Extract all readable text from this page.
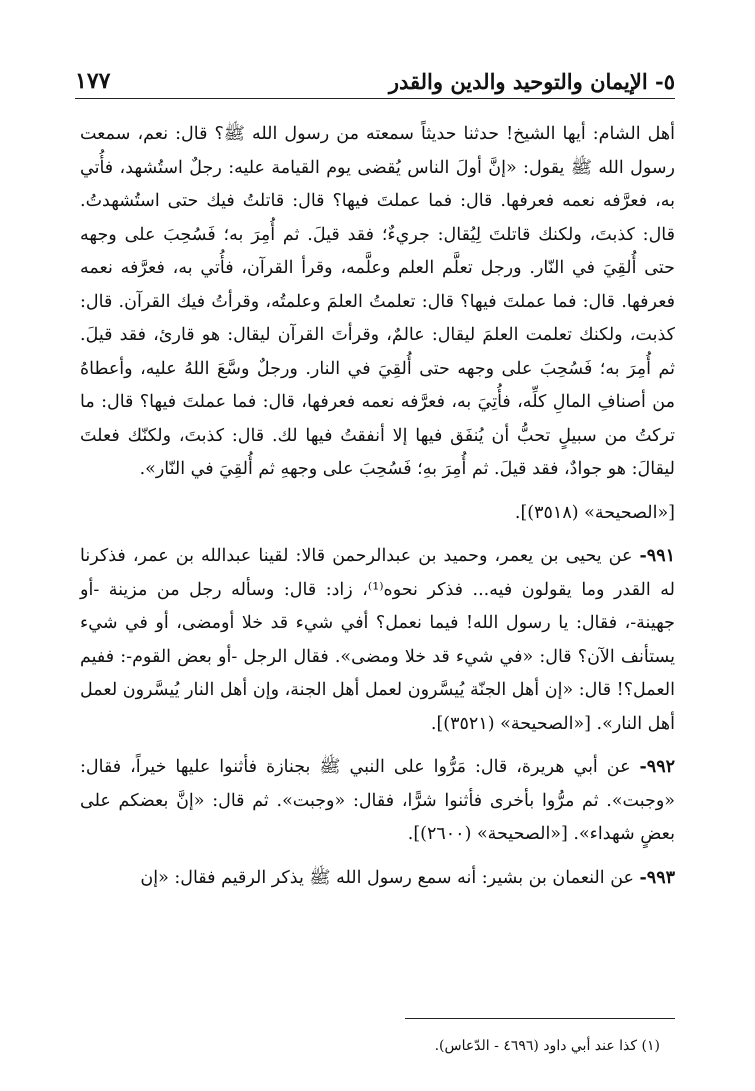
٥- الإيمان والتوحيد والدين والقدر
١٧٧

أهل الشام: أيها الشيخ! حدثنا حديثاً سمعته من رسول الله ﷺ؟ قال: نعم، سمعت رسول الله ﷺ يقول: «إنَّ أولَ الناس يُقضى يوم القيامة عليه: رجلٌ استُشهد، فأُتي به، فعرَّفه نعمه فعرفها. قال: فما عملتَ فيها؟ قال: قاتلتُ فيك حتى استُشهدتُ. قال: كذبتَ، ولكنك قاتلتَ لِيُقال: جريءٌ؛ فقد قيلَ. ثم أُمِرَ به؛ فَسُحِبَ على وجهه حتى أُلقِيَ في النّار. ورجل تعلَّم العلم وعلَّمه، وقرأ القرآن، فأُتي به، فعرَّفه نعمه فعرفها. قال: فما عملتَ فيها؟ قال: تعلمتُ العلمَ وعلمتُه، وقرأتُ فيك القرآن. قال: كذبت، ولكنك تعلمت العلمَ ليقال: عالمٌ، وقرأتَ القرآن ليقال: هو قارئ، فقد قيلَ. ثم أُمِرَ به؛ فَسُحِبَ على وجهه حتى أُلقِيَ في النار. ورجلٌ وسَّعَ اللهُ عليه، وأعطاهُ من أصنافِ المالِ كلِّه، فأُتِيَ به، فعرَّفه نعمه فعرفها، قال: فما عملتَ فيها؟ قال: ما تركتُ من سبيلٍ تحبُّ أن يُنفَق فيها إلا أنفقتُ فيها لك. قال: كذبتَ، ولكنّك فعلتَ ليقالَ: هو جوادٌ، فقد قيلَ. ثم أُمِرَ بهِ؛ فَسُحِبَ على وجههِ ثم أُلقِيَ في النّار».

[«الصحيحة» (٣٥١٨)].

٩٩١- عن يحيى بن يعمر، وحميد بن عبدالرحمن قالا: لقينا عبدالله بن عمر، فذكرنا له القدر وما يقولون فيه... فذكر نحوه⁽¹⁾، زاد: قال: وسأله رجل من مزينة -أو جهينة-، فقال: يا رسول الله! فيما نعمل؟ أفي شيء قد خلا أومضى، أو في شيء يستأنف الآن؟ قال: «في شيء قد خلا ومضى». فقال الرجل -أو بعض القوم-: ففيم العمل؟! قال: «إن أهل الجنّة يُيسَّرون لعمل أهل الجنة، وإن أهل النار يُيسَّرون لعمل أهل النار». [«الصحيحة» (٣٥٢١)].

٩٩٢- عن أبي هريرة، قال: مَرُّوا على النبي ﷺ بجنازة فأثنوا عليها خيراً، فقال: «وجبت». ثم مرُّوا بأخرى فأثنوا شرًّا، فقال: «وجبت». ثم قال: «إنَّ بعضكم على بعضٍ شهداء». [«الصحيحة» (٢٦٠٠)].

٩٩٣- عن النعمان بن بشير: أنه سمع رسول الله ﷺ يذكر الرقيم فقال: «إن

(١) كذا عند أبي داود (٤٦٩٦ - الدّعاس).
